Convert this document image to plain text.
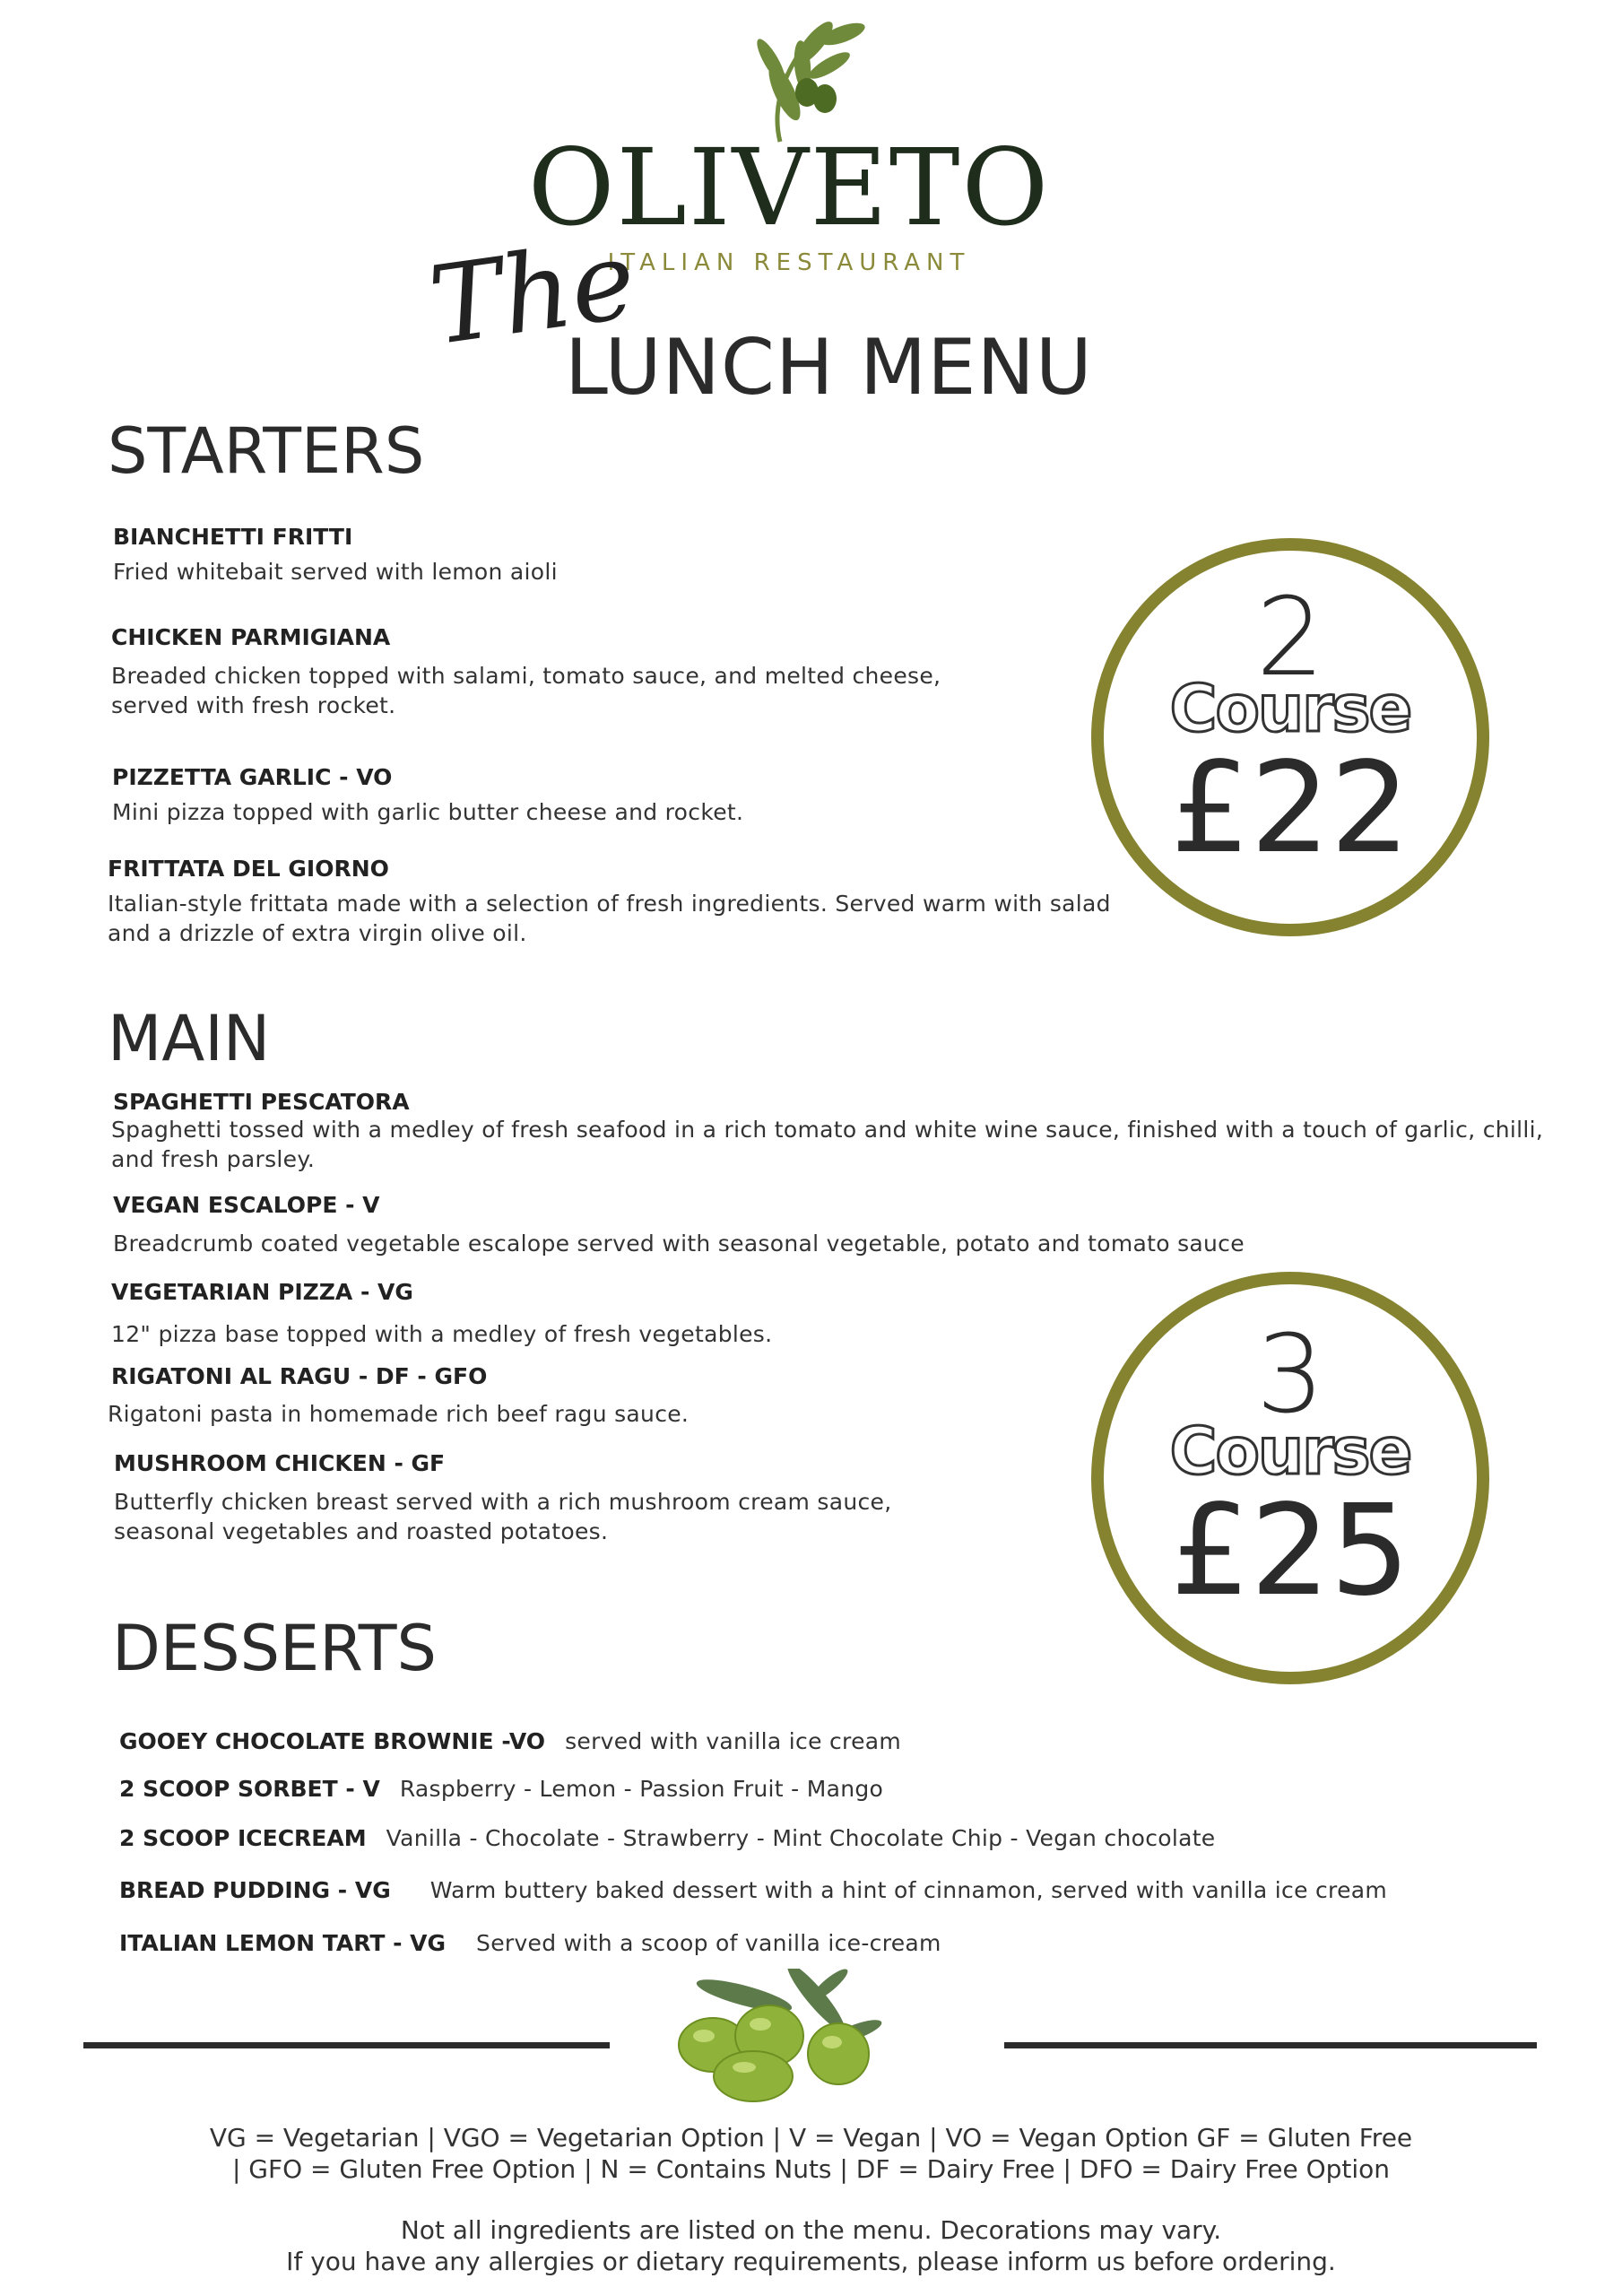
OLIVETO
ITALIAN RESTAURANT
The
LUNCH MENU
STARTERS
BIANCHETTI FRITTI
Fried whitebait served with lemon aioli
CHICKEN PARMIGIANA
Breaded chicken topped with salami, tomato sauce, and melted cheese, served with fresh rocket.
PIZZETTA GARLIC - VO
Mini pizza topped with garlic butter cheese and rocket.
FRITTATA DEL GIORNO
Italian-style frittata made with a selection of fresh ingredients. Served warm with salad and a drizzle of extra virgin olive oil.
2
Course
£22
MAIN
SPAGHETTI PESCATORA
Spaghetti tossed with a medley of fresh seafood in a rich tomato and white wine sauce, finished with a touch of garlic, chilli, and fresh parsley.
VEGAN ESCALOPE - V
Breadcrumb coated vegetable escalope served with seasonal vegetable, potato and tomato sauce
VEGETARIAN PIZZA - VG
12" pizza base topped with a medley of fresh vegetables.
RIGATONI AL RAGU - DF - GFO
Rigatoni pasta in homemade rich beef ragu sauce.
MUSHROOM CHICKEN - GF
Butterfly chicken breast served with a rich mushroom cream sauce, seasonal vegetables and roasted potatoes.
3
Course
£25
DESSERTS
GOOEY CHOCOLATE BROWNIE -VO served with vanilla ice cream
2 SCOOP SORBET - V Raspberry - Lemon - Passion Fruit - Mango
2 SCOOP ICECREAM Vanilla - Chocolate - Strawberry - Mint Chocolate Chip - Vegan chocolate
BREAD PUDDING - VG Warm buttery baked dessert with a hint of cinnamon, served with vanilla ice cream
ITALIAN LEMON TART - VG Served with a scoop of vanilla ice-cream
VG = Vegetarian | VGO = Vegetarian Option | V = Vegan | VO = Vegan Option GF = Gluten Free
| GFO = Gluten Free Option | N = Contains Nuts | DF = Dairy Free | DFO = Dairy Free Option
Not all ingredients are listed on the menu. Decorations may vary.
If you have any allergies or dietary requirements, please inform us before ordering.
